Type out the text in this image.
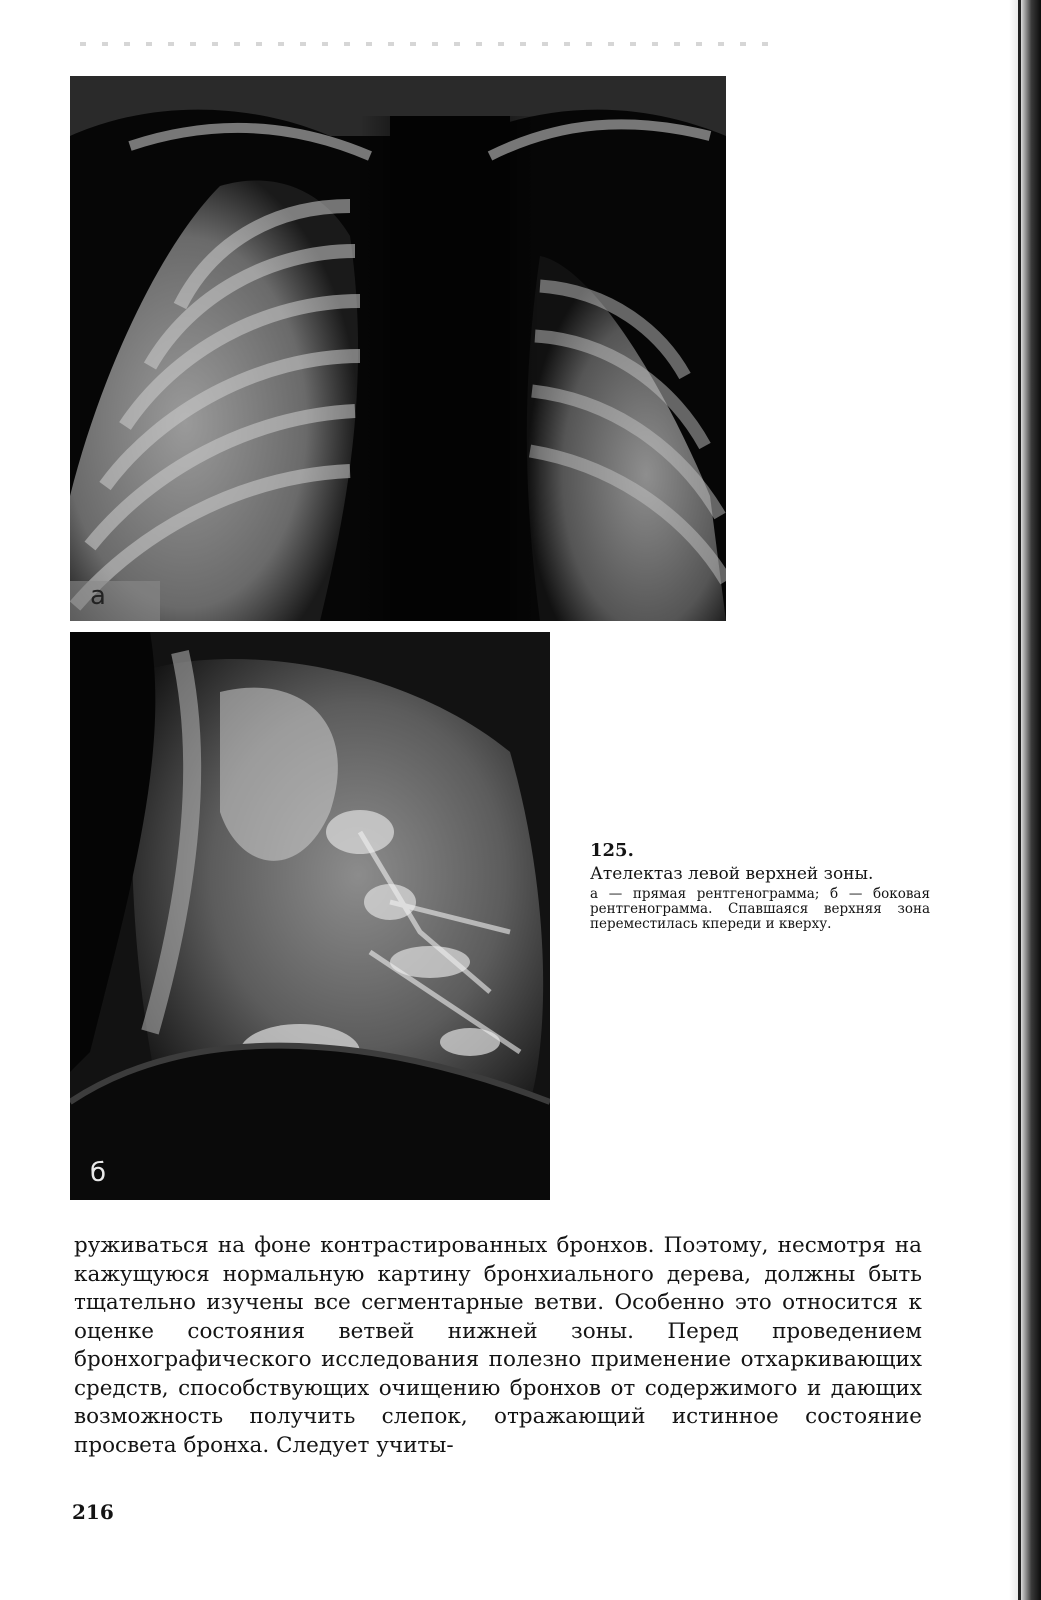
а
б
125.
Ателектаз левой верхней зоны.
а — прямая рентгенограмма; б — боковая рентгенограмма. Спавшаяся верхняя зона переместилась кпереди и кверху.

руживаться на фоне контрастированных бронхов. Поэтому, несмотря на кажущуюся нормальную картину бронхиального дерева, должны быть тщательно изучены все сегментарные ветви. Особенно это относится к оценке состояния ветвей нижней зоны. Перед проведением бронхографического исследования полезно применение отхаркивающих средств, способствующих очищению бронхов от содержимого и дающих возможность получить слепок, отражающий истинное состояние просвета бронха. Следует учиты-

216
